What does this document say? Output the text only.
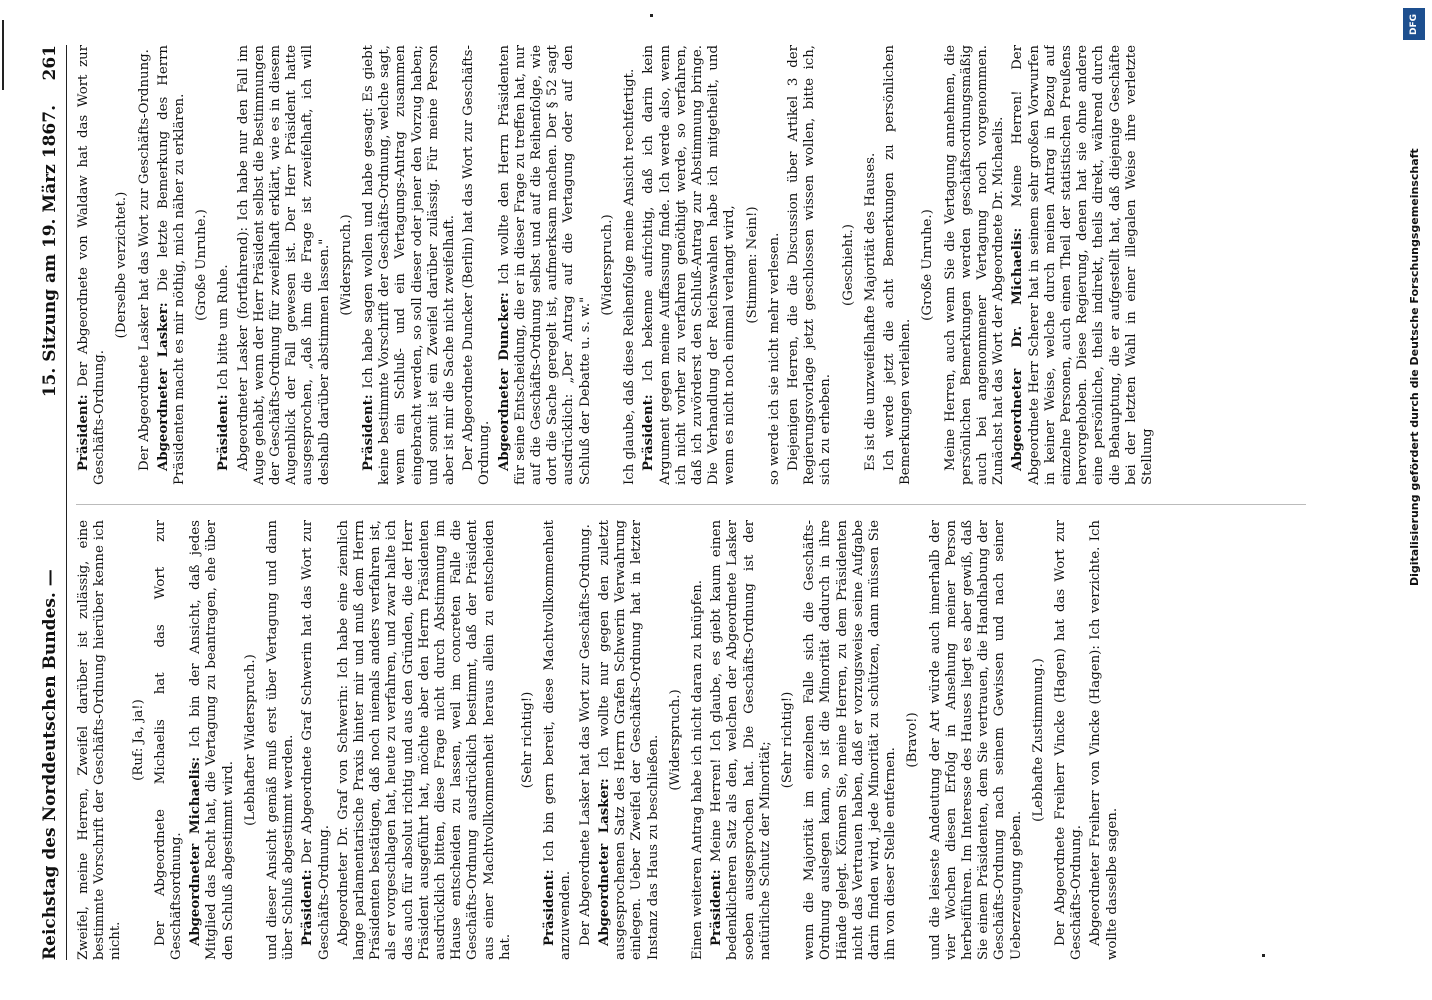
Reichstag des Norddeutschen Bundes. —
15. Sitzung am 19. März 1867.
261

Zweifel, meine Herren, Zweifel darüber ist zulässig, eine bestimmte Vorschrift der Geschäfts-Ordnung hierüber kenne ich nicht.

(Ruf: Ja, ja!) Der Abgeordnete Michaelis hat das Wort zur Geschäftsordnung. Abgeordneter Michaelis: Ich bin der Ansicht, daß jedes Mitglied das Recht hat, die Vertagung zu beantragen, ehe über den Schluß abgestimmt wird.

(Lebhafter Widerspruch.) und dieser Ansicht gemäß muß erst über Vertagung und dann über Schluß abgestimmt werden. Präsident: Der Abgeordnete Graf Schwerin hat das Wort zur Geschäfts-Ordnung. Abgeordneter Dr. Graf von Schwerin: Ich habe eine ziemlich lange parlamentarische Praxis hinter mir und muß dem Herrn Präsidenten bestätigen, daß noch niemals anders verfahren ist, als er vorgeschlagen hat, heute zu verfahren, und zwar halte ich das auch für absolut richtig und aus den Gründen, die der Herr Präsident ausgeführt hat, möchte aber den Herrn Präsidenten ausdrücklich bitten, diese Frage nicht durch Abstimmung im Hause entscheiden zu lassen, weil im concreten Falle die Geschäfts-Ordnung ausdrücklich bestimmt, daß der Präsident aus einer Machtvollkommenheit heraus allein zu entscheiden hat.

(Sehr richtig!)

Präsident: Ich bin gern bereit, diese Machtvollkommenheit anzuwenden. Der Abgeordnete Lasker hat das Wort zur Geschäfts-Ordnung. Abgeordneter Lasker: Ich wollte nur gegen den zuletzt ausgesprochenen Satz des Herrn Grafen Schwerin Verwahrung einlegen. Ueber Zweifel der Geschäfts-Ordnung hat in letzter Instanz das Haus zu beschließen. (Widerspruch.) Einen weiteren Antrag habe ich nicht daran zu knüpfen. Präsident: Meine Herren! Ich glaube, es giebt kaum einen bedenklicheren Satz als den, welchen der Abgeordnete Lasker soeben ausgesprochen hat. Die Geschäfts-Ordnung ist der natürliche Schutz der Minorität;

(Sehr richtig!) wenn die Majorität im einzelnen Falle sich die Geschäfts-Ordnung auslegen kann, so ist die Minorität dadurch in ihre Hände gelegt. Können Sie, meine Herren, zu dem Präsidenten nicht das Vertrauen haben, daß er vorzugsweise seine Aufgabe darin finden wird, jede Minorität zu schützen, dann müssen Sie ihn von dieser Stelle entfernen.

(Bravo!) und die leiseste Andeutung der Art würde auch innerhalb der vier Wochen diesen Erfolg in Ansehung meiner Person herbeiführen. Im Interesse des Hauses liegt es aber gewiß, daß Sie einem Präsidenten, dem Sie vertrauen, die Handhabung der Geschäfts-Ordnung nach seinem Gewissen und nach seiner Ueberzeugung geben.

(Lebhafte Zustimmung.) Der Abgeordnete Freiherr Vincke (Hagen) hat das Wort zur Geschäfts-Ordnung. Abgeordneter Freiherr von Vincke (Hagen): Ich verzichte. Ich wollte dasselbe sagen.

Präsident: Der Abgeordnete von Waldaw hat das Wort zur Geschäfts-Ordnung.

(Derselbe verzichtet.) Der Abgeordnete Lasker hat das Wort zur Geschäfts-Ordnung. Abgeordneter Lasker: Die letzte Bemerkung des Herrn Präsidenten macht es mir nöthig, mich näher zu erklären. (Große Unruhe.)

Präsident: Ich bitte um Ruhe. Abgeordneter Lasker (fortfahrend): Ich habe nur den Fall im Auge gehabt, wenn der Herr Präsident selbst die Bestimmungen der Geschäfts-Ordnung für zweifelhaft erklärt, wie es in diesem Augenblick der Fall gewesen ist. Der Herr Präsident hatte ausgesprochen, „daß ihm die Frage ist zweifelhaft, ich will deshalb darüber abstimmen lassen." (Widerspruch.)

Präsident: Ich habe sagen wollen und habe gesagt: Es giebt keine bestimmte Vorschrift der Geschäfts-Ordnung, welche sagt, wenn ein Schluß- und ein Vertagungs-Antrag zusammen eingebracht werden, so soll dieser oder jener den Vorzug haben; und somit ist ein Zweifel darüber zulässig. Für meine Person aber ist mir die Sache nicht zweifelhaft. Der Abgeordnete Duncker (Berlin) hat das Wort zur Geschäfts-Ordnung. Abgeordneter Duncker: Ich wollte den Herrn Präsidenten für seine Entscheidung, die er in dieser Frage zu treffen hat, nur auf die Geschäfts-Ordnung selbst und auf die Reihenfolge, wie dort die Sache geregelt ist, aufmerksam machen. Der § 52 sagt ausdrücklich: „Der Antrag auf die Vertagung oder auf den Schluß der Debatte u. s. w."

(Widerspruch.) Ich glaube, daß diese Reihenfolge meine Ansicht rechtfertigt. Präsident: Ich bekenne aufrichtig, daß ich darin kein Argument gegen meine Auffassung finde. Ich werde also, wenn ich nicht vorher zu verfahren genöthigt werde, so verfahren, daß ich zuvörderst den Schluß-Antrag zur Abstimmung bringe. Die Verhandlung der Reichswahlen habe ich mitgetheilt, und wenn es nicht noch einmal verlangt wird, (Stimmen: Nein!) so werde ich sie nicht mehr verlesen. Diejenigen Herren, die die Discussion über Artikel 3 der Regierungsvorlage jetzt geschlossen wissen wollen, bitte ich, sich zu erheben.

(Geschieht.) Es ist die unzweifelhafte Majorität des Hauses. Ich werde jetzt die acht Bemerkungen zu persönlichen Bemerkungen verleihen.

(Große Unruhe.) Meine Herren, auch wenn Sie die Vertagung annehmen, die persönlichen Bemerkungen werden geschäftsordnungsmäßig auch bei angenommener Vertagung noch vorgenommen. Zunächst hat das Wort der Abgeordnete Dr. Michaelis. Abgeordneter Dr. Michaelis: Meine Herren! Der Abgeordnete Herr Scherer hat in seinem sehr großen Vorwurfen in keiner Weise, welche durch meinen Antrag in Bezug auf einzelne Personen, auch einen Theil der statistischen Preußens hervorgehoben. Diese Regierung, denen hat sie ohne andere eine persönliche, theils indirekt, theils direkt, während durch die Behauptung, die er aufgestellt hat, daß diejenige Geschäfte bei der letzten Wahl in einer illegalen Weise ihre verletzte Stellung

DFG
Digitalisierung gefördert durch die Deutsche Forschungsgemeinschaft
